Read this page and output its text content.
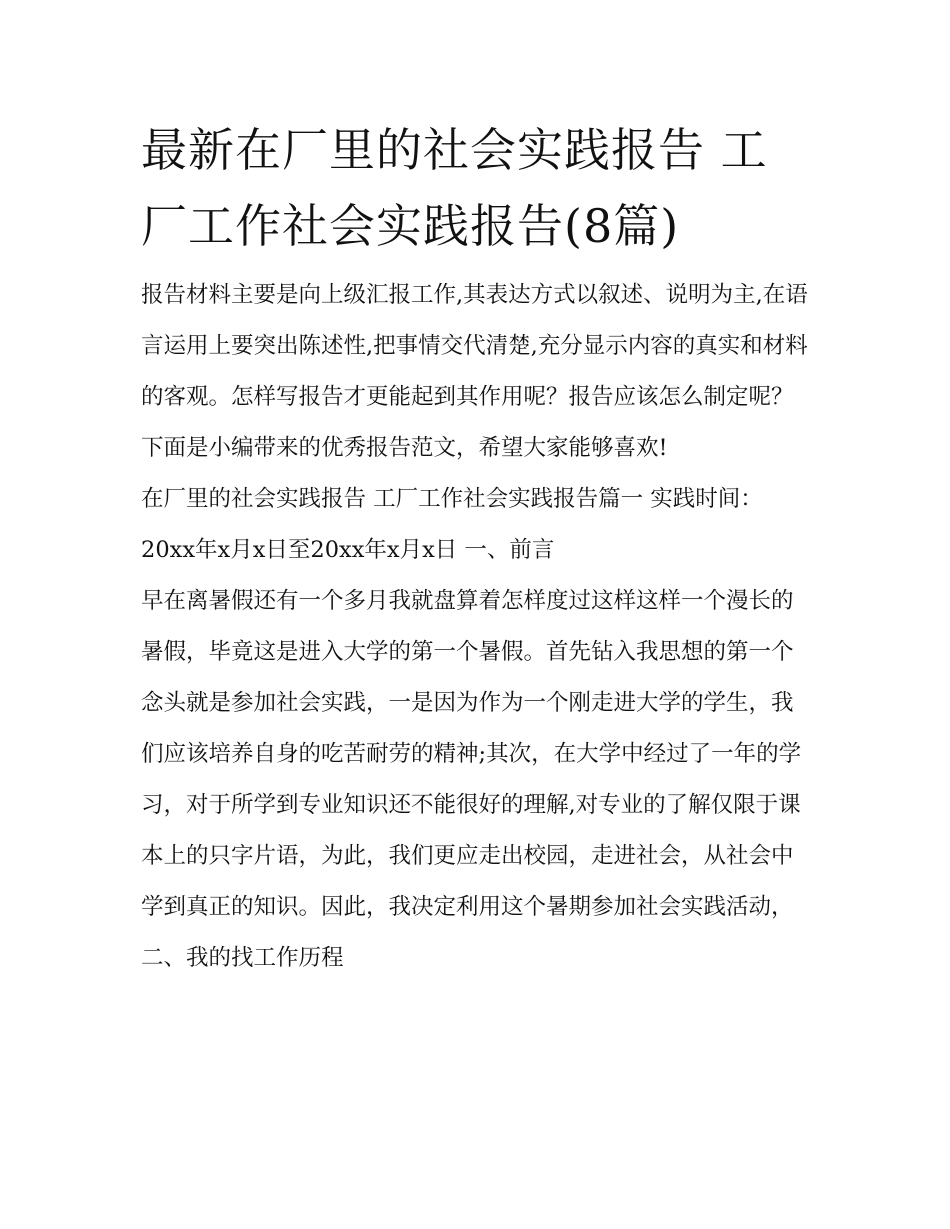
最新在厂里的社会实践报告 工厂工作社会实践报告(8篇)

报告材料主要是向上级汇报工作,其表达方式以叙述、说明为主,在语言运用上要突出陈述性,把事情交代清楚,充分显示内容的真实和材料的客观。怎样写报告才更能起到其作用呢？报告应该怎么制定呢？下面是小编带来的优秀报告范文，希望大家能够喜欢!

在厂里的社会实践报告 工厂工作社会实践报告篇一 实践时间：20xx年x月x日至20xx年x月x日 一、前言

早在离暑假还有一个多月我就盘算着怎样度过这样这样一个漫长的暑假，毕竟这是进入大学的第一个暑假。首先钻入我思想的第一个念头就是参加社会实践，一是因为作为一个刚走进大学的学生，我们应该培养自身的吃苦耐劳的精神;其次，在大学中经过了一年的学习，对于所学到专业知识还不能很好的理解,对专业的了解仅限于课本上的只字片语，为此，我们更应走出校园，走进社会，从社会中学到真正的知识。因此，我决定利用这个暑期参加社会实践活动，

二、我的找工作历程
